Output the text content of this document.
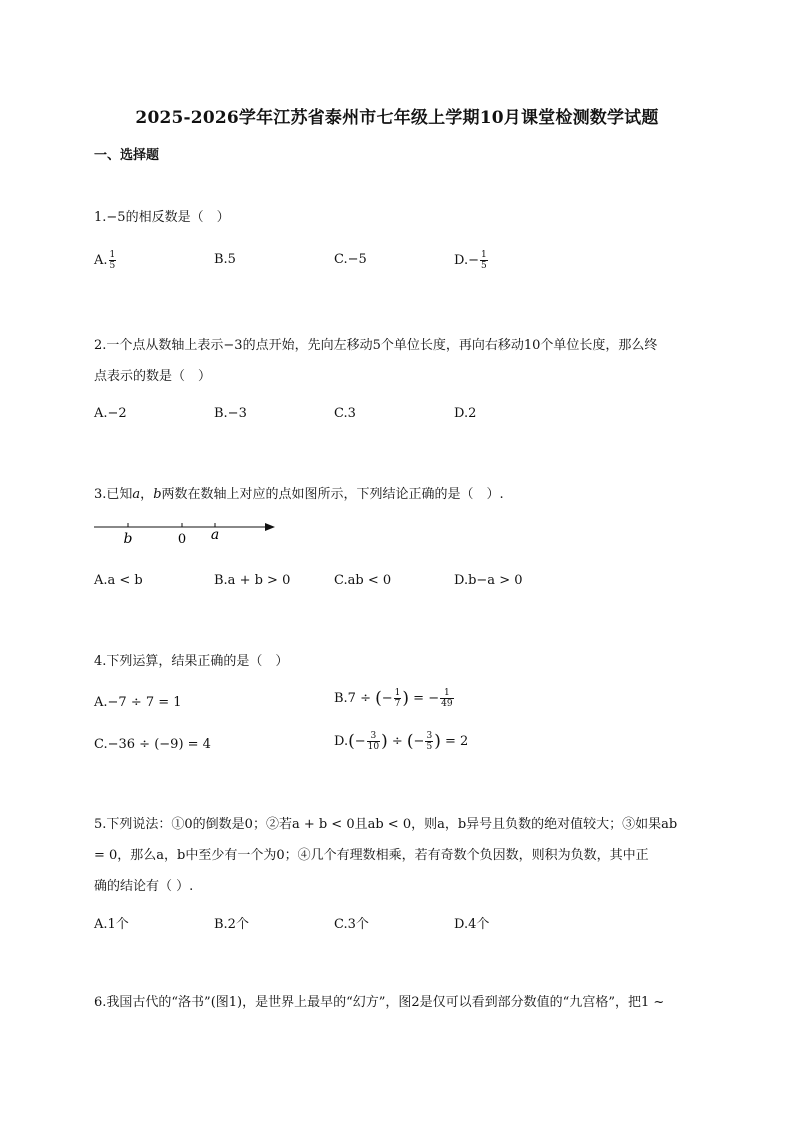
2025-2026学年江苏省泰州市七年级上学期10月课堂检测数学试题
一、选择题
1.−5的相反数是（　）
A. $\frac{1}{5}$	B.5	C.−5	$D.- \frac{1}{5}$
2.一个点从数轴上表示−3的点开始，先向左移动5个单位长度，再向右移动10个单位长度，那么终
点表示的数是（　）
A.−2	B.−3	C.3	D.2
3.已知a，b两数在数轴上对应的点如图所示，下列结论正确的是（　）.
b	0 a
A.a < b	B.a + b > 0	C.ab < 0	D.b−a > 0
4.下列运算，结果正确的是（　）
A.−7 ÷ 7 = 1	B.7 ÷ (− $\frac{1}{7}$ ) = − $\frac{1}{49}$
C.−36 ÷ (−9) = 4	$D.(- \frac{3}{10}$ ) ÷ (− $\frac{3}{5}$ ) = 2
5.下列说法：①0的倒数是0；②若a + b < 0且ab < 0，则a，b异号且负数的绝对值较大；③如果ab
= 0，那么a，b中至少有一个为0；④几个有理数相乘，若有奇数个负因数，则积为负数，其中正
确的结论有（ ）.
A.1个	B.2个	C.3个	D.4个
6.我国古代的“洛书”(图1)，是世界上最早的“幻方”，图2是仅可以看到部分数值的“九宫格”，把1 ~
